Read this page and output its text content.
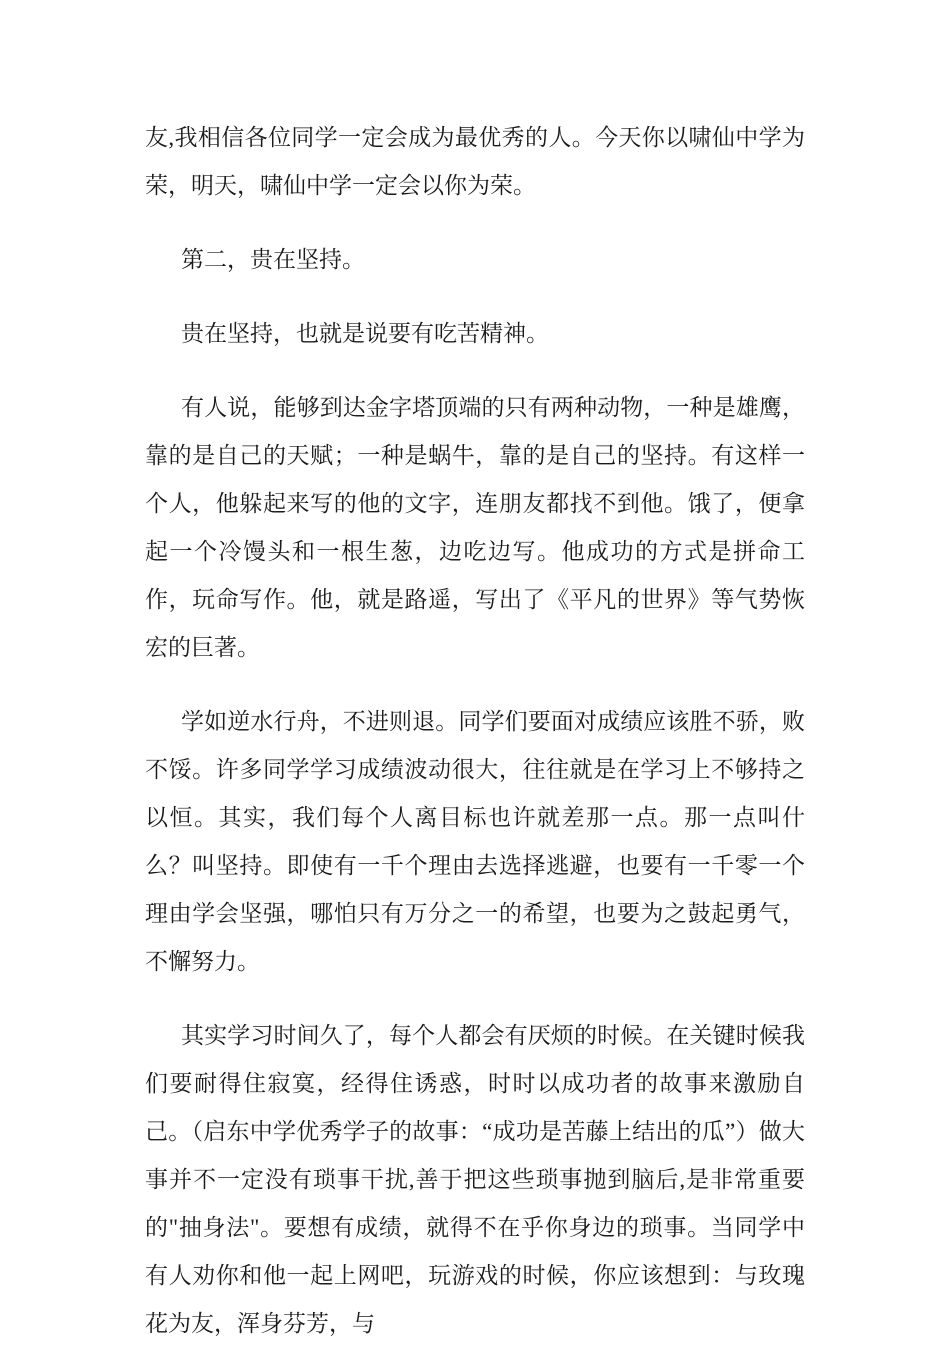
友,我相信各位同学一定会成为最优秀的人。今天你以啸仙中学为荣，明天，啸仙中学一定会以你为荣。

第二，贵在坚持。

贵在坚持，也就是说要有吃苦精神。

有人说，能够到达金字塔顶端的只有两种动物，一种是雄鹰，靠的是自己的天赋；一种是蜗牛，靠的是自己的坚持。有这样一个人，他躲起来写的他的文字，连朋友都找不到他。饿了，便拿起一个冷馒头和一根生葱，边吃边写。他成功的方式是拼命工作，玩命写作。他，就是路遥，写出了《平凡的世界》等气势恢宏的巨著。

学如逆水行舟，不进则退。同学们要面对成绩应该胜不骄，败不馁。许多同学学习成绩波动很大，往往就是在学习上不够持之以恒。其实，我们每个人离目标也许就差那一点。那一点叫什么？叫坚持。即使有一千个理由去选择逃避，也要有一千零一个理由学会坚强，哪怕只有万分之一的希望，也要为之鼓起勇气，不懈努力。

其实学习时间久了，每个人都会有厌烦的时候。在关键时候我们要耐得住寂寞，经得住诱惑，时时以成功者的故事来激励自己。（启东中学优秀学子的故事：“成功是苦藤上结出的瓜”）做大事并不一定没有琐事干扰,善于把这些琐事抛到脑后,是非常重要的"抽身法"。要想有成绩，就得不在乎你身边的琐事。当同学中有人劝你和他一起上网吧，玩游戏的时候，你应该想到：与玫瑰花为友，浑身芬芳，与
